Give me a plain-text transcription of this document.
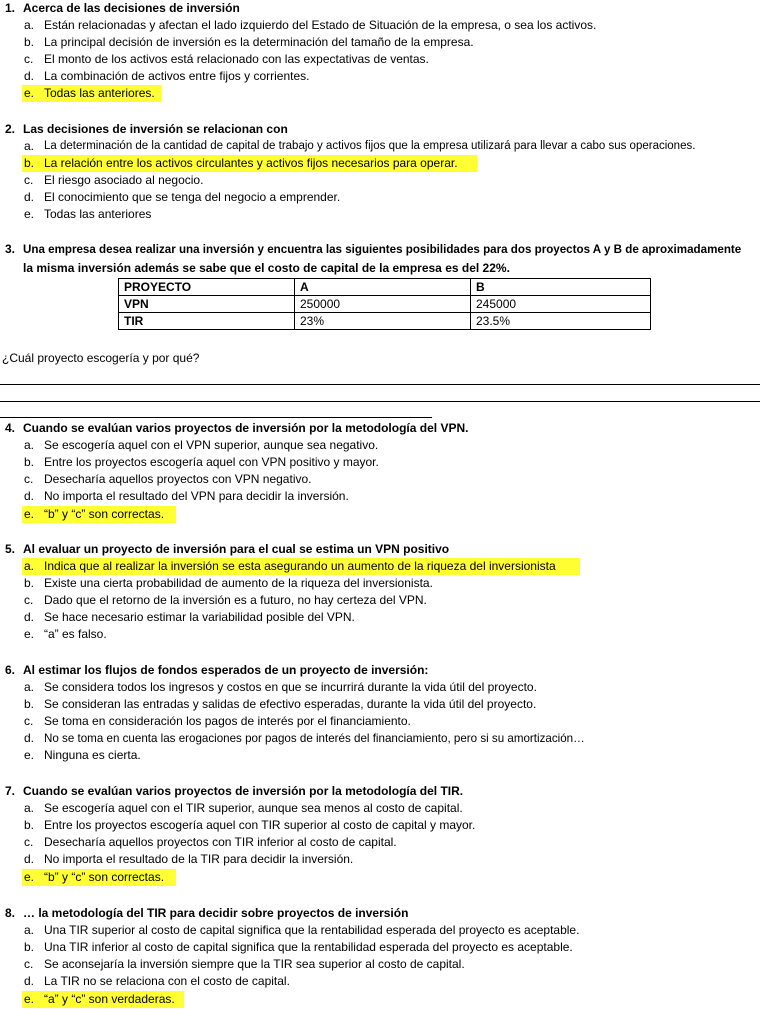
1. Acerca de las decisiones de inversión
a. Están relacionadas y afectan el lado izquierdo del Estado de Situación de la empresa, o sea los activos.
b. La principal decisión de inversión es la determinación del tamaño de la empresa.
c. El monto de los activos está relacionado con las expectativas de ventas.
d. La combinación de activos entre fijos y corrientes.
e. Todas las anteriores.
2. Las decisiones de inversión se relacionan con
a. La determinación de la cantidad de capital de trabajo y activos fijos que la empresa utilizará para llevar a cabo sus operaciones.
b. La relación entre los activos circulantes y activos fijos necesarios para operar.
c. El riesgo asociado al negocio.
d. El conocimiento que se tenga del negocio a emprender.
e. Todas las anteriores
3. Una empresa desea realizar una inversión y encuentra las siguientes posibilidades para dos proyectos A y B de aproximadamente
la misma inversión además se sabe que el costo de capital de la empresa es del 22%.
PROYECTO	A	B
VPN	250000	245000
TIR	23%	23.5%
¿Cuál proyecto escogería y por qué?
4. Cuando se evalúan varios proyectos de inversión por la metodología del VPN.
a. Se escogería aquel con el VPN superior, aunque sea negativo.
b. Entre los proyectos escogería aquel con VPN positivo y mayor.
c. Desecharía aquellos proyectos con VPN negativo.
d. No importa el resultado del VPN para decidir la inversión.
e. “b” y “c” son correctas.
5. Al evaluar un proyecto de inversión para el cual se estima un VPN positivo
a. Indica que al realizar la inversión se esta asegurando un aumento de la riqueza del inversionista
b. Existe una cierta probabilidad de aumento de la riqueza del inversionista.
c. Dado que el retorno de la inversión es a futuro, no hay certeza del VPN.
d. Se hace necesario estimar la variabilidad posible del VPN.
e. “a” es falso.
6. Al estimar los flujos de fondos esperados de un proyecto de inversión:
a. Se considera todos los ingresos y costos en que se incurrirá durante la vida útil del proyecto.
b. Se consideran las entradas y salidas de efectivo esperadas, durante la vida útil del proyecto.
c. Se toma en consideración los pagos de interés por el financiamiento.
d. No se toma en cuenta las erogaciones por pagos de interés del financiamiento, pero si su amortización…
e. Ninguna es cierta.
7. Cuando se evalúan varios proyectos de inversión por la metodología del TIR.
a. Se escogería aquel con el TIR superior, aunque sea menos al costo de capital.
b. Entre los proyectos escogería aquel con TIR superior al costo de capital y mayor.
c. Desecharía aquellos proyectos con TIR inferior al costo de capital.
d. No importa el resultado de la TIR para decidir la inversión.
e. “b” y “c” son correctas.
8. … la metodología del TIR para decidir sobre proyectos de inversión
a. Una TIR superior al costo de capital significa que la rentabilidad esperada del proyecto es aceptable.
b. Una TIR inferior al costo de capital significa que la rentabilidad esperada del proyecto es aceptable.
c. Se aconsejaría la inversión siempre que la TIR sea superior al costo de capital.
d. La TIR no se relaciona con el costo de capital.
e. “a” y “c” son verdaderas.
